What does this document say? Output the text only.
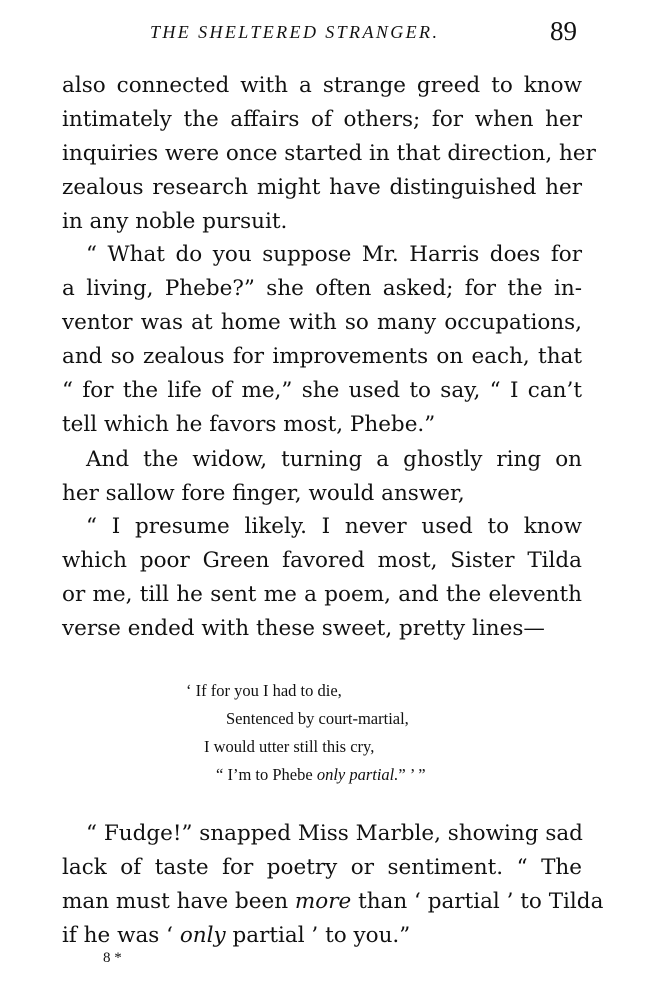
THE SHELTERED STRANGER.	89
also connected with a strange greed to know
intimately the affairs of others; for when her
inquiries were once started in that direction, her
zealous research might have distinguished her
in any noble pursuit.
“ What do you suppose Mr. Harris does for
a living, Phebe?” she often asked; for the in-
ventor was at home with so many occupations,
and so zealous for improvements on each, that
“ for the life of me,” she used to say, “ I can’t
tell which he favors most, Phebe.”
And the widow, turning a ghostly ring on
her sallow fore finger, would answer,
“ I presume likely. I never used to know
which poor Green favored most, Sister Tilda
or me, till he sent me a poem, and the eleventh
verse ended with these sweet, pretty lines—
‘ If for you I had to die,
Sentenced by court-martial,
I would utter still this cry,
“ I’m to Phebe only partial.” ’ ”
“ Fudge!” snapped Miss Marble, showing sad
lack of taste for poetry or sentiment. “ The
man must have been more than ‘ partial ’ to Tilda
if he was ‘ only partial ’ to you.”
8 *
